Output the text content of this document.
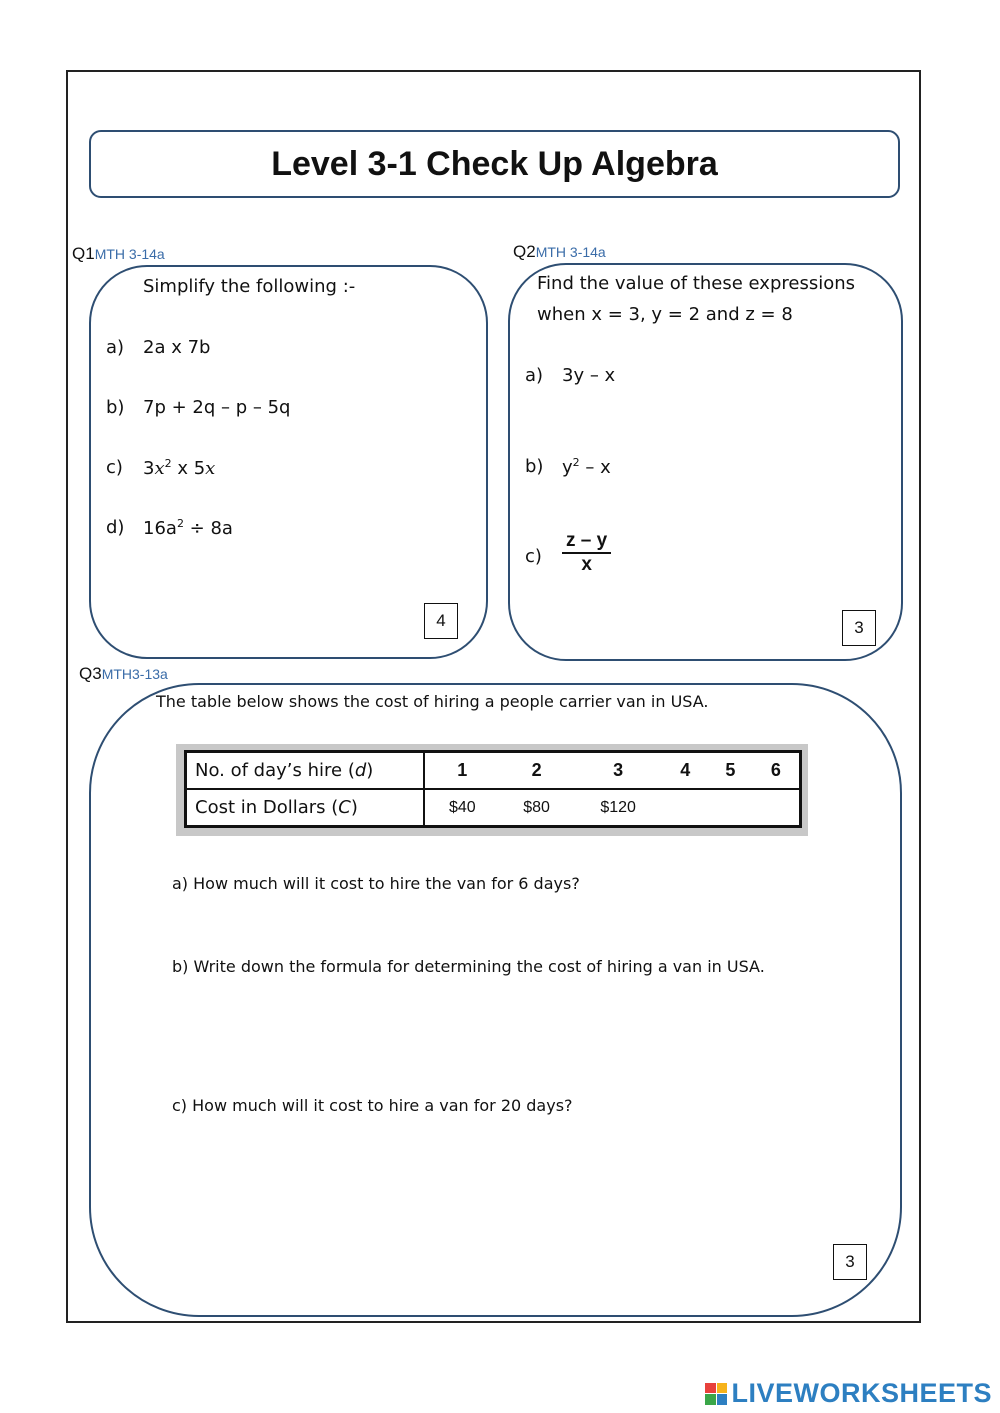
Level 3-1 Check Up Algebra
Q1MTH 3-14a
Simplify the following :-
a) 2a x 7b
b) 7p + 2q – p – 5q
c) $3x^2$ x 5x
d) $16a^2 \div 8a$
4
Q2MTH 3-14a
Find the value of these expressions
when x = 3, y = 2 and z = 8
a) 3y – x
b) $y^2$ – x
$c) \frac{z - y}{x}$
3
Q3MTH3-13a
The table below shows the cost of hiring a people carrier van in USA.
No. of day’s hire (d)	1	2	3	4	5	6
Cost in Dollars (C)	$40	$80	$120			
a) How much will it cost to hire the van for 6 days?
b) Write down the formula for determining the cost of hiring a van in USA.
c) How much will it cost to hire a van for 20 days?
3
LIVEWORKSHEETS
